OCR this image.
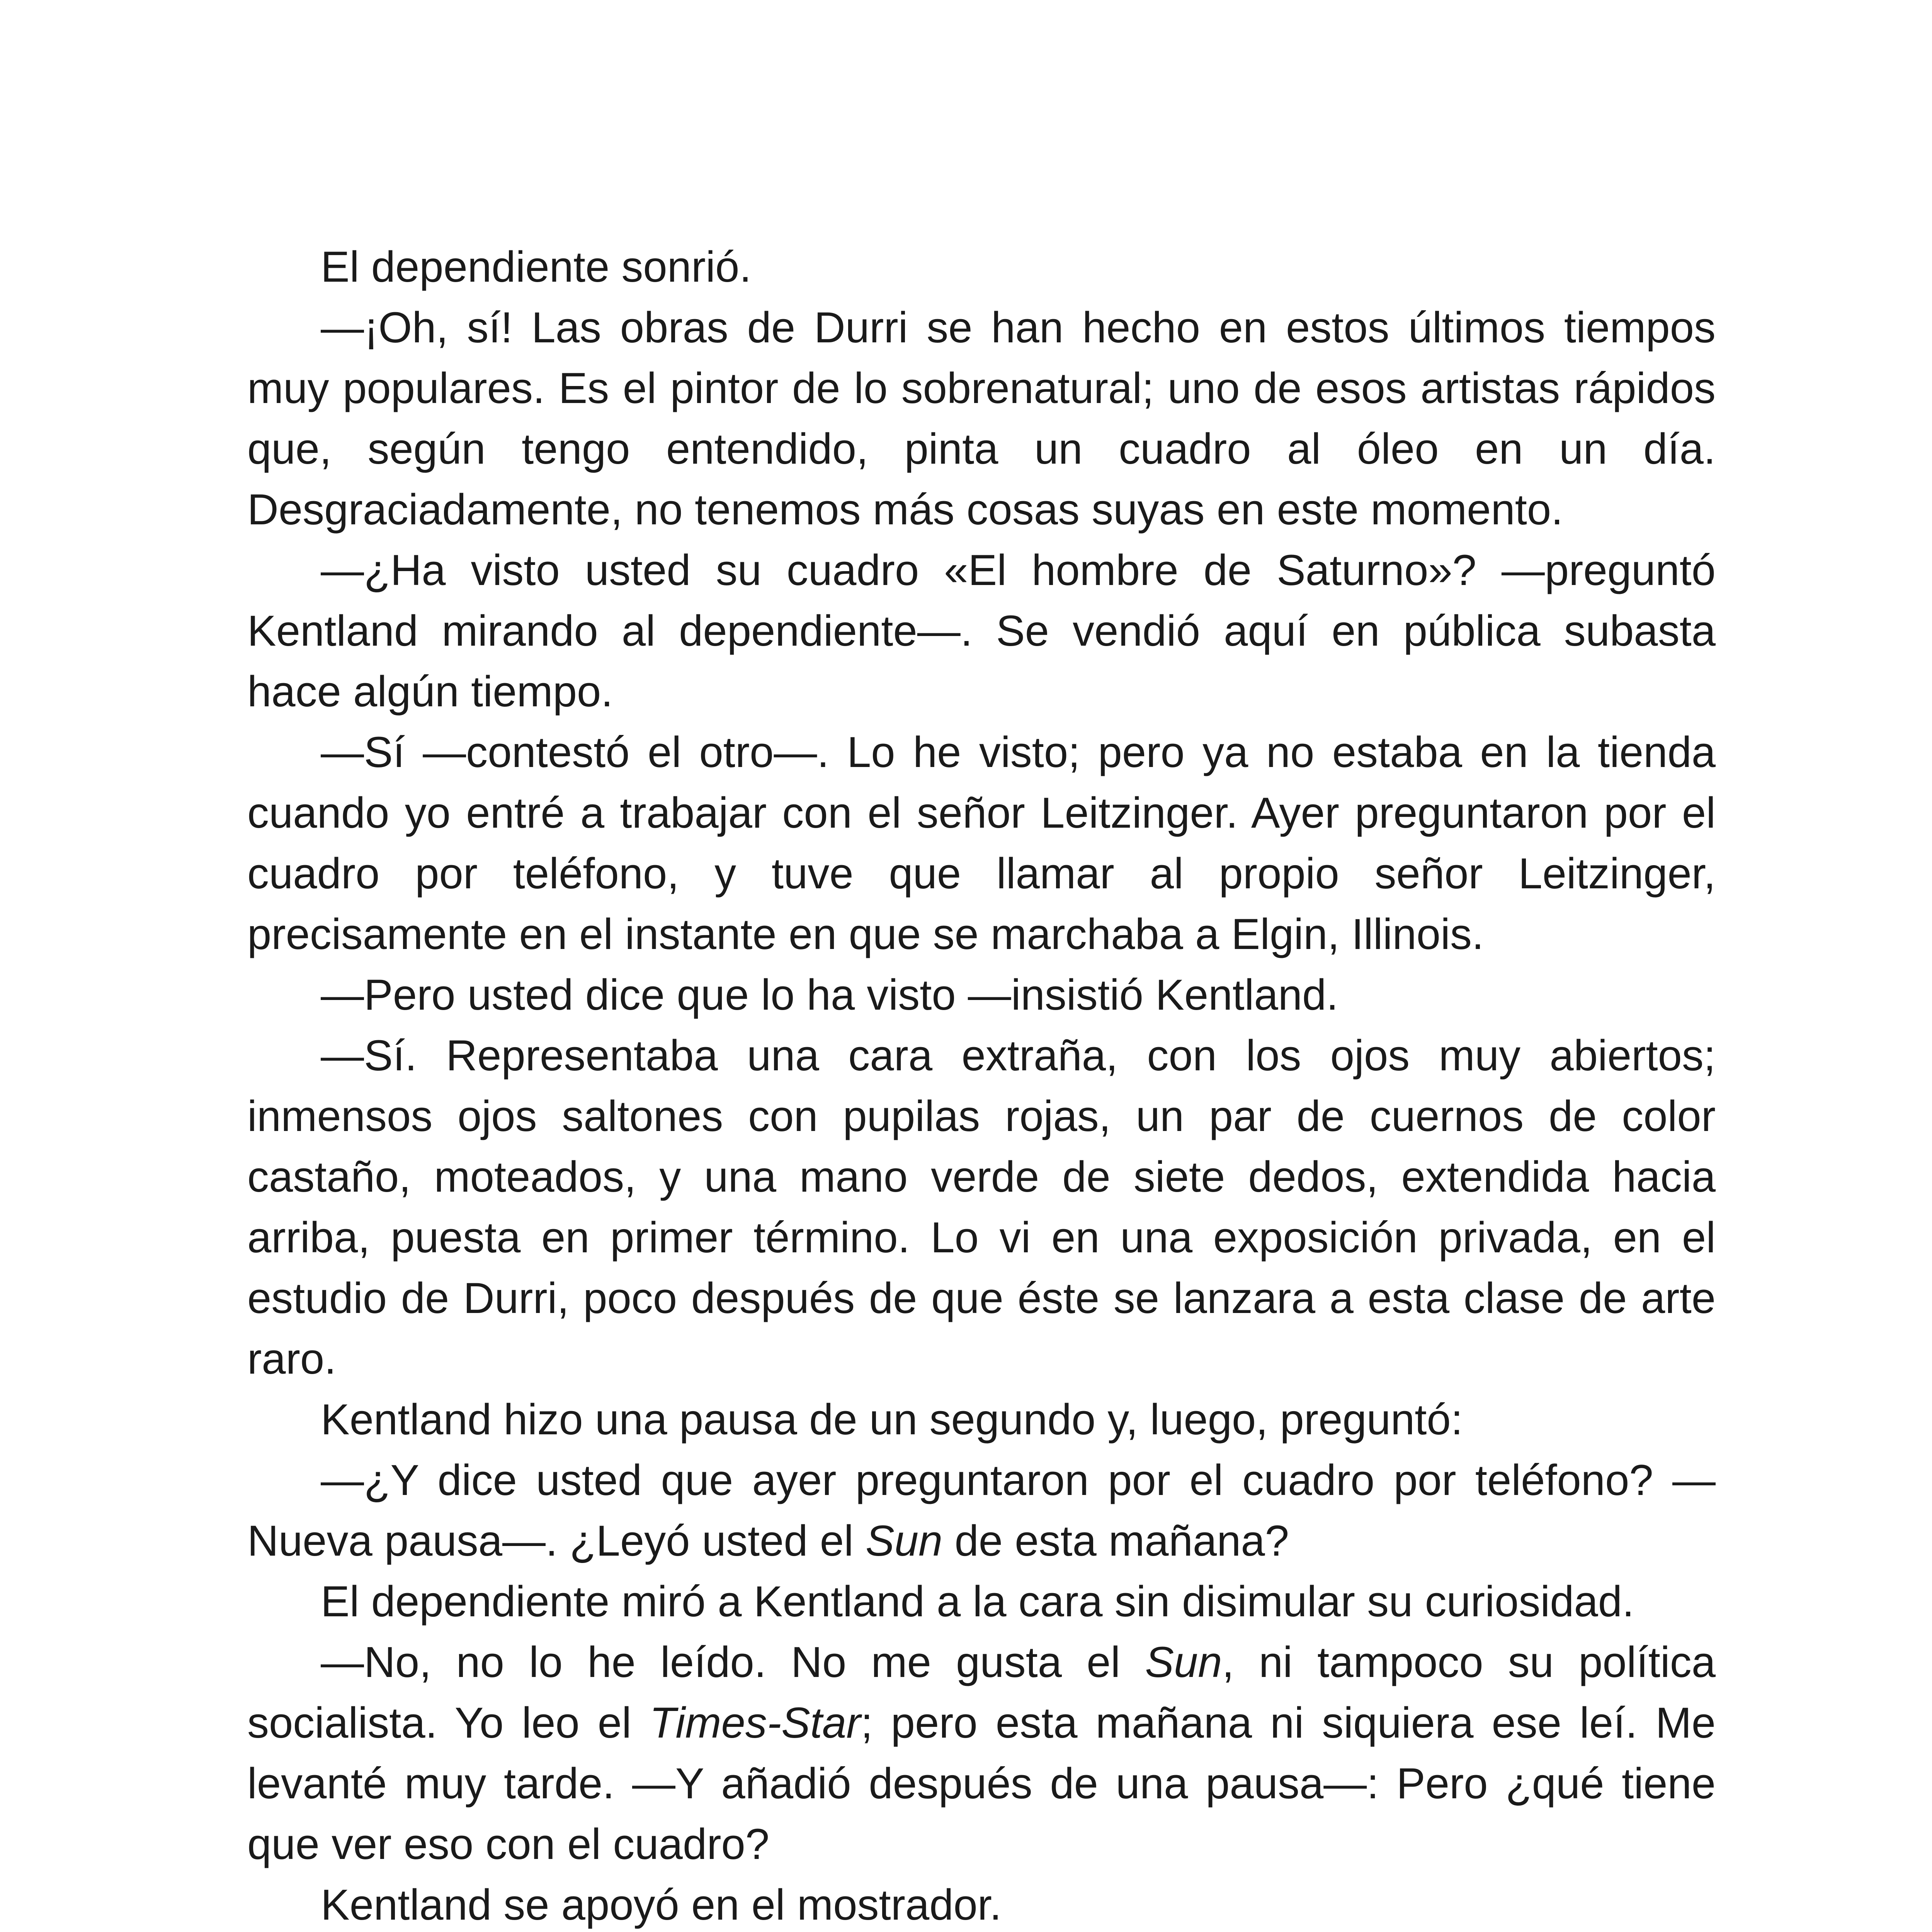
El dependiente sonrió.

—¡Oh, sí! Las obras de Durri se han hecho en estos últimos tiempos muy populares. Es el pintor de lo sobrenatural; uno de esos artistas rápidos que, según tengo entendido, pinta un cuadro al óleo en un día. Desgraciadamente, no tenemos más cosas suyas en este momento.

—¿Ha visto usted su cuadro «El hombre de Saturno»? —preguntó Kentland mirando al dependiente—. Se vendió aquí en pública subasta hace algún tiempo.

—Sí —contestó el otro—. Lo he visto; pero ya no estaba en la tienda cuando yo entré a trabajar con el señor Leitzinger. Ayer preguntaron por el cuadro por teléfono, y tuve que llamar al propio señor Leitzinger, precisamente en el instante en que se marchaba a Elgin, Illinois.

—Pero usted dice que lo ha visto —insistió Kentland.

—Sí. Representaba una cara extraña, con los ojos muy abiertos; inmensos ojos saltones con pupilas rojas, un par de cuernos de color castaño, moteados, y una mano verde de siete dedos, extendida hacia arriba, puesta en primer término. Lo vi en una exposición privada, en el estudio de Durri, poco después de que éste se lanzara a esta clase de arte raro.

Kentland hizo una pausa de un segundo y, luego, preguntó:

—¿Y dice usted que ayer preguntaron por el cuadro por teléfono? —Nueva pausa—. ¿Leyó usted el Sun de esta mañana?

El dependiente miró a Kentland a la cara sin disimular su curiosidad.

—No, no lo he leído. No me gusta el Sun, ni tampoco su política socialista. Yo leo el Times-Star; pero esta mañana ni siquiera ese leí. Me levanté muy tarde. —Y añadió después de una pausa—: Pero ¿qué tiene que ver eso con el cuadro?

Kentland se apoyó en el mostrador.
